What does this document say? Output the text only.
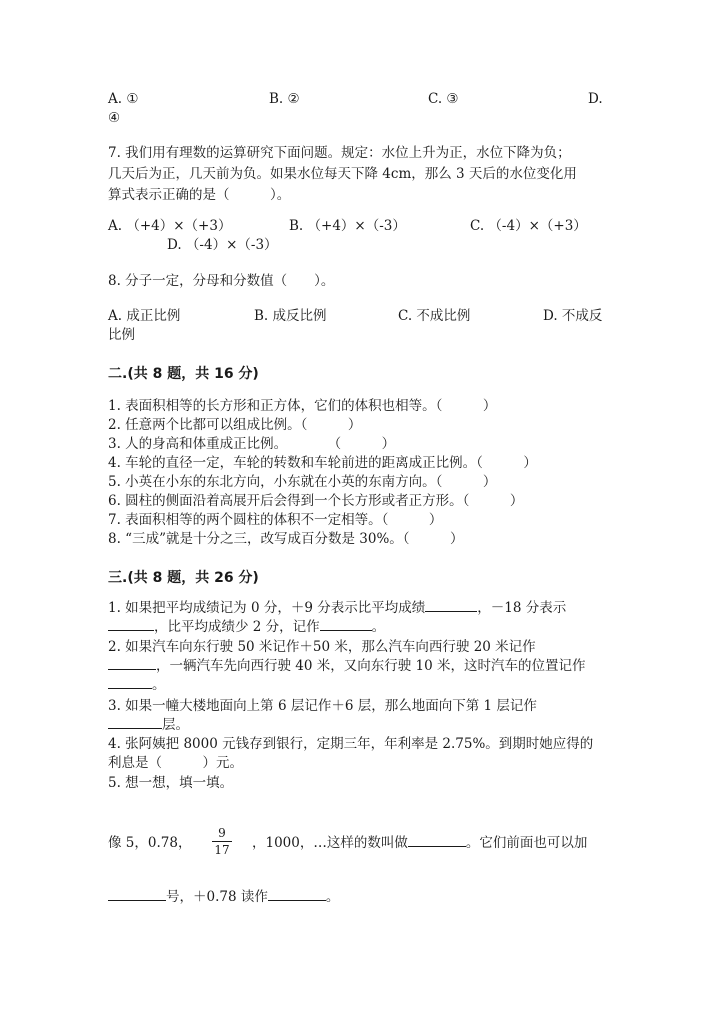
A. ①	B. ②	C. ③	D.
④
7. 我们用有理数的运算研究下面问题。规定：水位上升为正，水位下降为负；
几天后为正，几天前为负。如果水位每天下降 4cm，那么 3 天后的水位变化用
算式表示正确的是（　　　）。
A. （+4）×（+3）	B. （+4）×（-3）	C. （-4）×（+3）
D. （-4）×（-3）
8. 分子一定，分母和分数值（　　）。
A. 成正比例	B. 成反比例	C. 不成比例	D. 不成反
比例
二.(共 8 题，共 16 分)
1. 表面积相等的长方形和正方体，它们的体积也相等。（　　　）
2. 任意两个比都可以组成比例。（　　　）
3. 人的身高和体重成正比例。　　　　（　　　）
4. 车轮的直径一定，车轮的转数和车轮前进的距离成正比例。（　　　）
5. 小英在小东的东北方向，小东就在小英的东南方向。（　　　）
6. 圆柱的侧面沿着高展开后会得到一个长方形或者正方形。（　　　）
7. 表面积相等的两个圆柱的体积不一定相等。（　　　）
8. “三成”就是十分之三，改写成百分数是 30%。（　　　）
三.(共 8 题，共 26 分)
1. 如果把平均成绩记为 0 分，＋9 分表示比平均成绩	，－18 分表示
，比平均成绩少 2 分，记作	。
2. 如果汽车向东行驶 50 米记作＋50 米，那么汽车向西行驶 20 米记作
，一辆汽车先向西行驶 40 米，又向东行驶 10 米，这时汽车的位置记作
。
3. 如果一幢大楼地面向上第 6 层记作＋6 层，那么地面向下第 1 层记作
层。
4. 张阿姨把 8000 元钱存到银行，定期三年，年利率是 2.75%。到期时她应得的
利息是（　　　）元。
5. 想一想，填一填。
像 5，0.78，
9
17 ，1000，…这样的数叫做	。它们前面也可以加
号，＋0.78 读作	。
